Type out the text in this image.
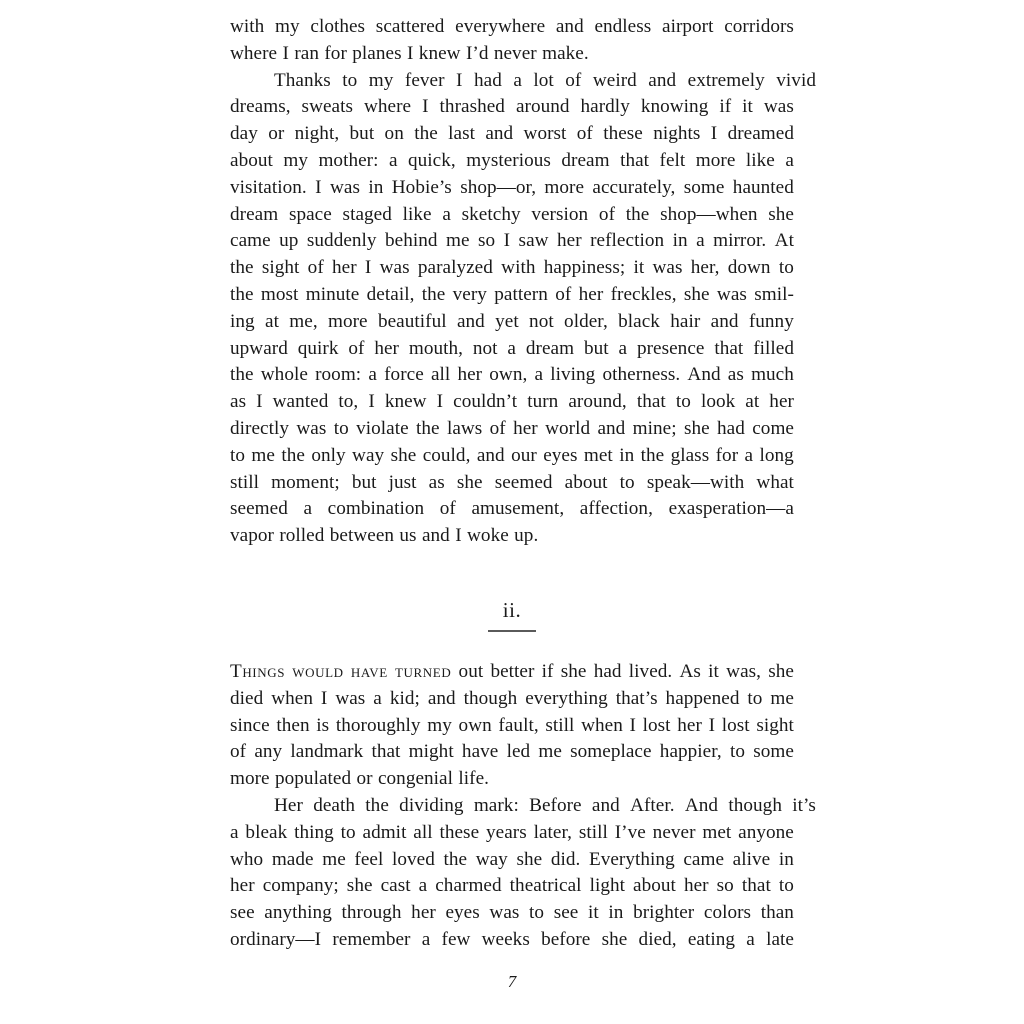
with my clothes scattered everywhere and endless airport corridors
where I ran for planes I knew I’d never make.
Thanks to my fever I had a lot of weird and extremely vivid
dreams, sweats where I thrashed around hardly knowing if it was
day or night, but on the last and worst of these nights I dreamed
about my mother: a quick, mysterious dream that felt more like a
visitation. I was in Hobie’s shop—or, more accurately, some haunted
dream space staged like a sketchy version of the shop—when she
came up suddenly behind me so I saw her reflection in a mirror. At
the sight of her I was paralyzed with happiness; it was her, down to
the most minute detail, the very pattern of her freckles, she was smil-
ing at me, more beautiful and yet not older, black hair and funny
upward quirk of her mouth, not a dream but a presence that filled
the whole room: a force all her own, a living otherness. And as much
as I wanted to, I knew I couldn’t turn around, that to look at her
directly was to violate the laws of her world and mine; she had come
to me the only way she could, and our eyes met in the glass for a long
still moment; but just as she seemed about to speak—with what
seemed a combination of amusement, affection, exasperation—a
vapor rolled between us and I woke up.
Things would have turned out better if she had lived. As it was, she
died when I was a kid; and though everything that’s happened to me
since then is thoroughly my own fault, still when I lost her I lost sight
of any landmark that might have led me someplace happier, to some
more populated or congenial life.
Her death the dividing mark: Before and After. And though it’s
a bleak thing to admit all these years later, still I’ve never met anyone
who made me feel loved the way she did. Everything came alive in
her company; she cast a charmed theatrical light about her so that to
see anything through her eyes was to see it in brighter colors than
ordinary—I remember a few weeks before she died, eating a late
ii.
7
